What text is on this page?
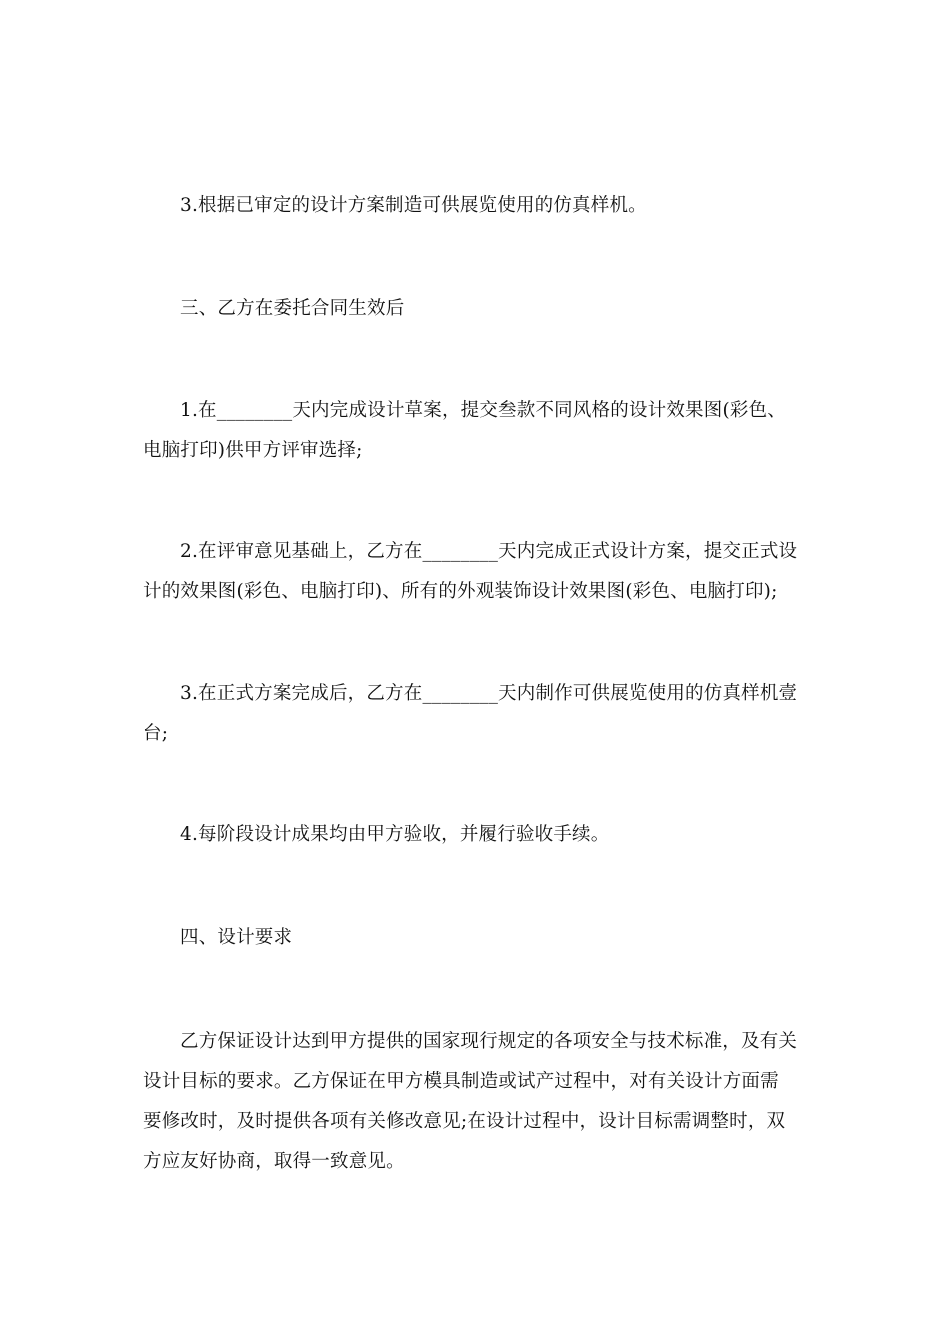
3.根据已审定的设计方案制造可供展览使用的仿真样机。

三、乙方在委托合同生效后

1.在________天内完成设计草案，提交叁款不同风格的设计效果图(彩色、
电脑打印)供甲方评审选择;

2.在评审意见基础上，乙方在________天内完成正式设计方案，提交正式设
计的效果图(彩色、电脑打印)、所有的外观装饰设计效果图(彩色、电脑打印);

3.在正式方案完成后，乙方在________天内制作可供展览使用的仿真样机壹
台;

4.每阶段设计成果均由甲方验收，并履行验收手续。

四、设计要求

乙方保证设计达到甲方提供的国家现行规定的各项安全与技术标准，及有关
设计目标的要求。乙方保证在甲方模具制造或试产过程中，对有关设计方面需
要修改时，及时提供各项有关修改意见;在设计过程中，设计目标需调整时，双
方应友好协商，取得一致意见。
